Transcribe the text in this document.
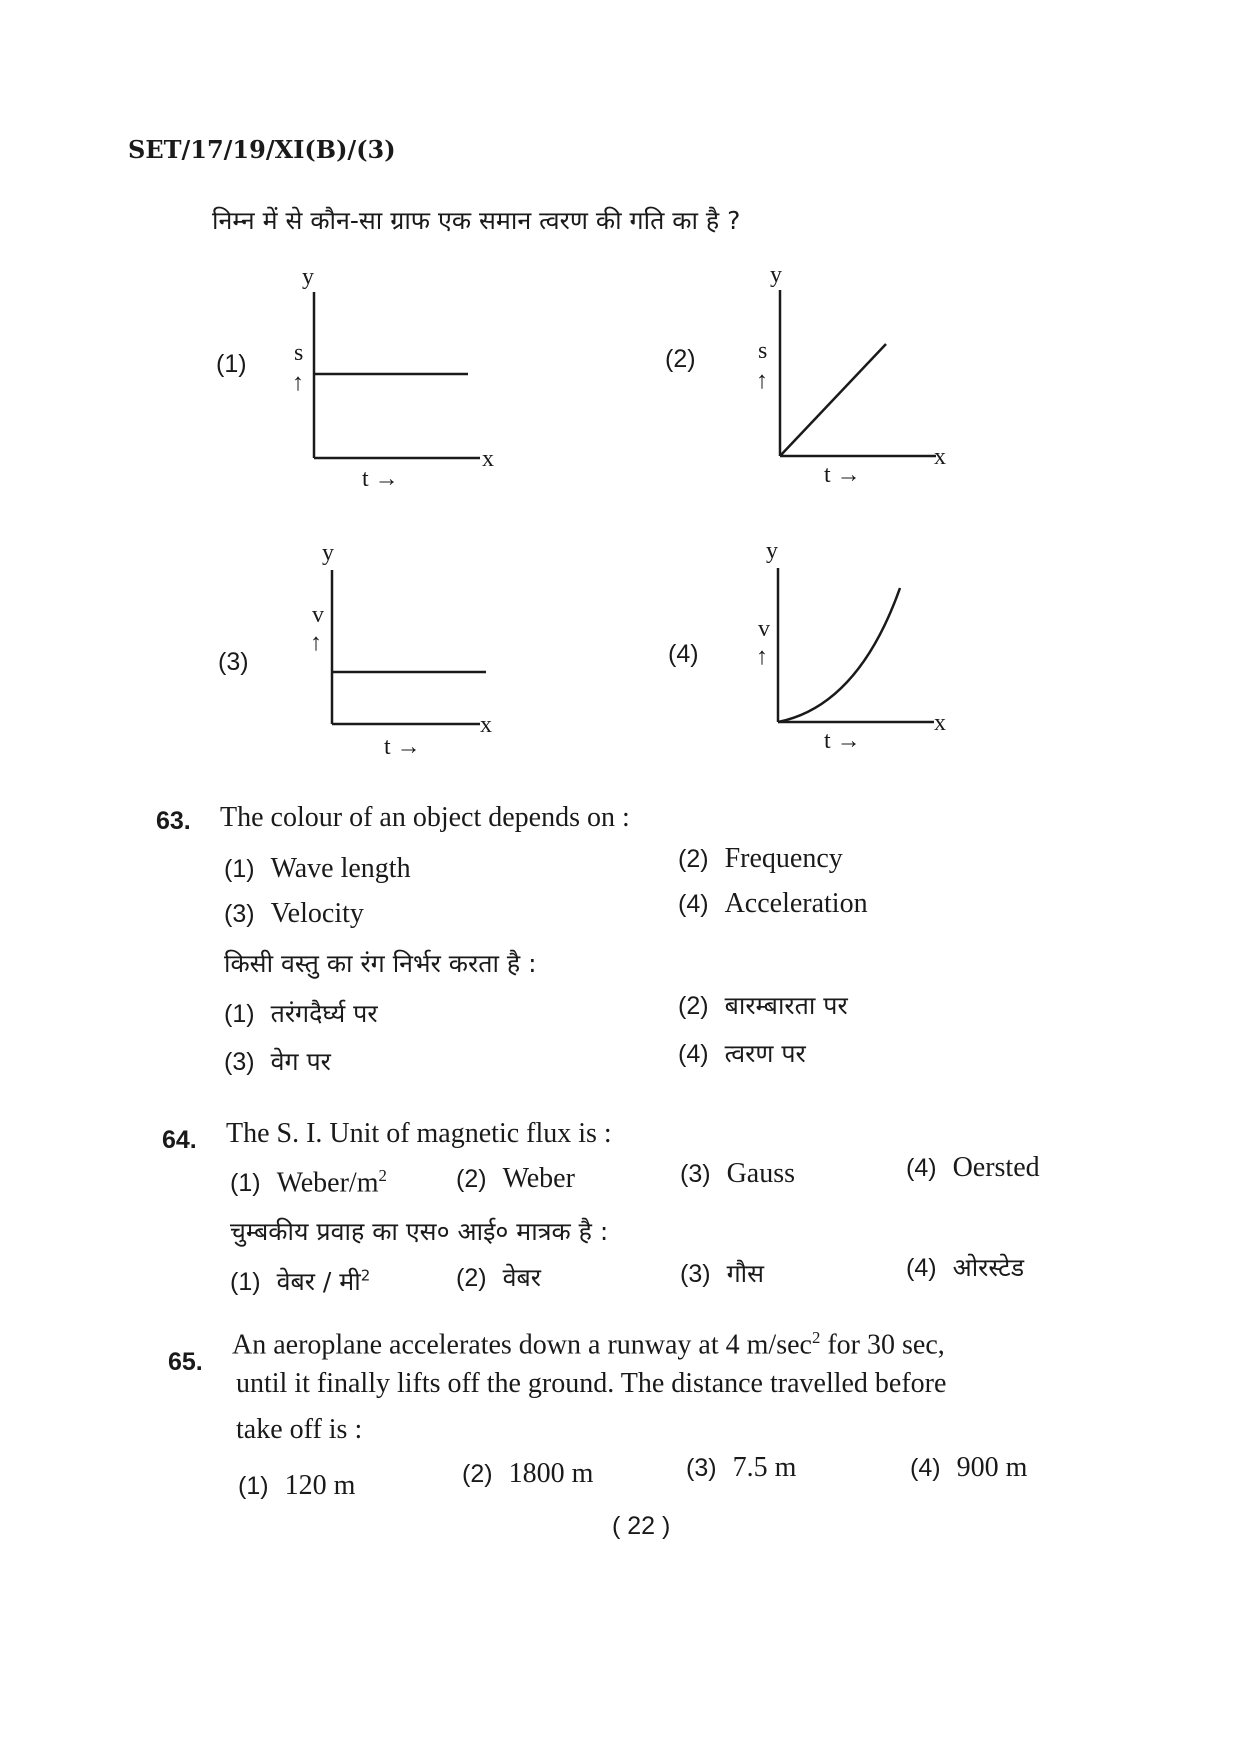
SET/17/19/XI(B)/(3)
निम्न में से कौन-सा ग्राफ एक समान त्वरण की गति का है ?
(1)
y
x
s
↑
t →
(2)
y
x
s
↑
t →
(3)
y
x
v
↑
t →
(4)
y
x
v
↑
t →
63. The colour of an object depends on :
(1) Wave length	(2) Frequency
(3) Velocity	(4) Acceleration
किसी वस्तु का रंग निर्भर करता है :
(1) तरंगदैर्घ्य पर	(2) बारम्बारता पर
(3) वेग पर	(4) त्वरण पर
64. The S. I. Unit of magnetic flux is :
(1) Weber/$m^2$	(2) Weber	(3) Gauss	(4) Oersted
चुम्बकीय प्रवाह का एस० आई० मात्रक है :
(1) वेबर / मी$^2$	(2) वेबर	(3) गौस	(4) ओरस्टेड
65.
An aeroplane accelerates down a runway at 4 $m/\sec^2$ for 30 sec,
until it finally lifts off the ground. The distance travelled before
take off is :
(1) 120 m	(2) 1800 m	(3) 7.5 m	(4) 900 m
( 22 )
